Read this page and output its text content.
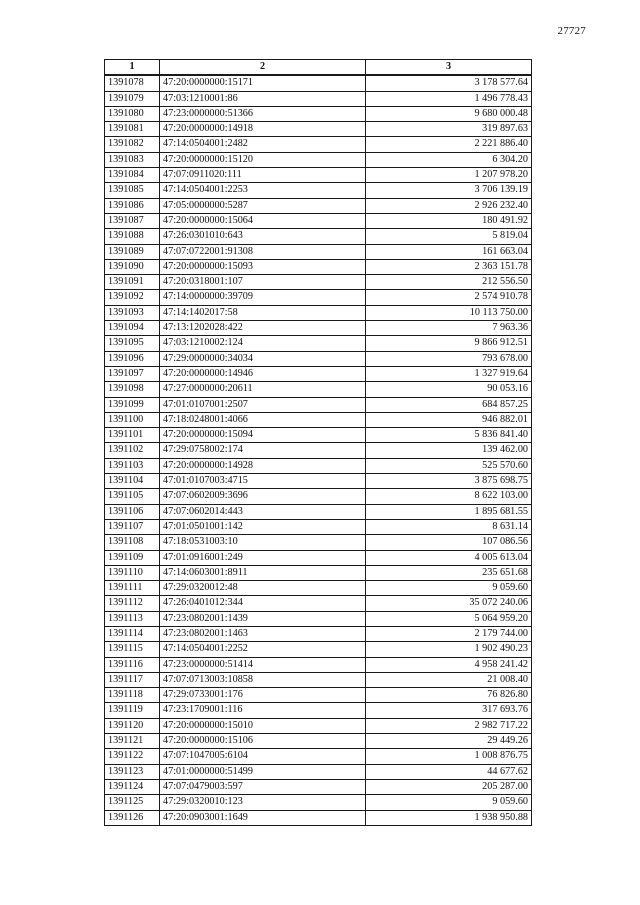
27727
1	2	3
1391078	47:20:0000000:15171	3 178 577.64
1391079	47:03:1210001:86	1 496 778.43
1391080	47:23:0000000:51366	9 680 000.48
1391081	47:20:0000000:14918	319 897.63
1391082	47:14:0504001:2482	2 221 886.40
1391083	47:20:0000000:15120	6 304.20
1391084	47:07:0911020:111	1 207 978.20
1391085	47:14:0504001:2253	3 706 139.19
1391086	47:05:0000000:5287	2 926 232.40
1391087	47:20:0000000:15064	180 491.92
1391088	47:26:0301010:643	5 819.04
1391089	47:07:0722001:91308	161 663.04
1391090	47:20:0000000:15093	2 363 151.78
1391091	47:20:0318001:107	212 556.50
1391092	47:14:0000000:39709	2 574 910.78
1391093	47:14:1402017:58	10 113 750.00
1391094	47:13:1202028:422	7 963.36
1391095	47:03:1210002:124	9 866 912.51
1391096	47:29:0000000:34034	793 678.00
1391097	47:20:0000000:14946	1 327 919.64
1391098	47:27:0000000:20611	90 053.16
1391099	47:01:0107001:2507	684 857.25
1391100	47:18:0248001:4066	946 882.01
1391101	47:20:0000000:15094	5 836 841.40
1391102	47:29:0758002:174	139 462.00
1391103	47:20:0000000:14928	525 570.60
1391104	47:01:0107003:4715	3 875 698.75
1391105	47:07:0602009:3696	8 622 103.00
1391106	47:07:0602014:443	1 895 681.55
1391107	47:01:0501001:142	8 631.14
1391108	47:18:0531003:10	107 086.56
1391109	47:01:0916001:249	4 005 613.04
1391110	47:14:0603001:8911	235 651.68
1391111	47:29:0320012:48	9 059.60
1391112	47:26:0401012:344	35 072 240.06
1391113	47:23:0802001:1439	5 064 959.20
1391114	47:23:0802001:1463	2 179 744.00
1391115	47:14:0504001:2252	1 902 490.23
1391116	47:23:0000000:51414	4 958 241.42
1391117	47:07:0713003:10858	21 008.40
1391118	47:29:0733001:176	76 826.80
1391119	47:23:1709001:116	317 693.76
1391120	47:20:0000000:15010	2 982 717.22
1391121	47:20:0000000:15106	29 449.26
1391122	47:07:1047005:6104	1 008 876.75
1391123	47:01:0000000:51499	44 677.62
1391124	47:07:0479003:597	205 287.00
1391125	47:29:0320010:123	9 059.60
1391126	47:20:0903001:1649	1 938 950.88
